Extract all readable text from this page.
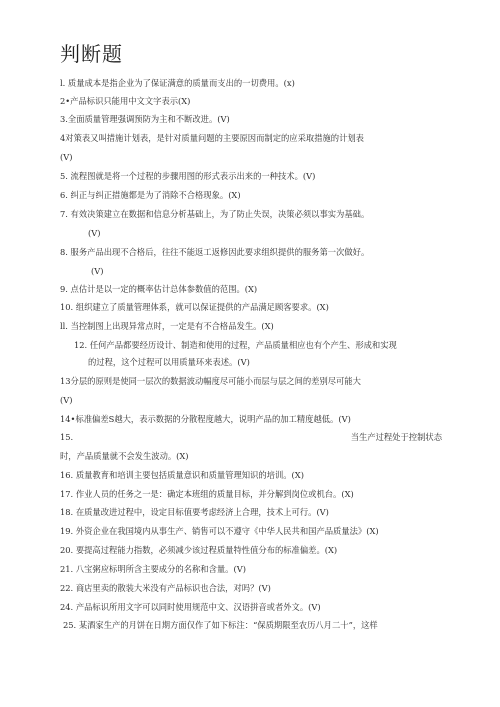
判断题
l. 质量成本是指企业为了保证满意的质量而支出的一切费用。(x)
2•产品标识只能用中文文字表示(X)
3.全面质量管理强调预防为主和不断改进。(V)
4对策表又叫措施计划表，是针对质量问题的主要原因而制定的应采取措施的计划表
(V)
5. 流程图就是将一个过程的步骤用图的形式表示出来的一种技术。(V)
6. 纠正与纠正措施都是为了消除不合格现象。(X)
7. 有效决策建立在数据和信息分析基础上，为了防止失误，决策必须以事实为基础。
(V)
8. 服务产品出现不合格后，往往不能返工返修因此要求组织提供的服务第一次做好。
(V)
9. 点估计是以一定的概率估计总体参数值的范围。(X)
10. 组织建立了质量管理体系，就可以保证提供的产品满足顾客要求。(X)
ll. 当控制图上出现异常点时，一定是有不合格品发生。(X)
12. 任何产品都要经历设计、制造和使用的过程，产品质量相应也有个产生、形成和实现
的过程，这个过程可以用质量环来表述。(V)
13分层的原则是使同一层次的数据波动幅度尽可能小而层与层之间的差别尽可能大
(V)
14•标准偏差S越大，表示数据的分散程度越大，说明产品的加工精度越低。(V)
15.	当生产过程处于控制状态
时，产品质量就不会发生波动。(X)
16. 质量教育和培训主要包括质量意识和质量管理知识的培训。(X)
17. 作业人员的任务之一是：确定本班组的质量目标，并分解到岗位或机台。(X)
18. 在质量改进过程中，设定目标值要考虑经济上合理，技术上可行。(V)
19. 外资企业在我国境内从事生产、销售可以不遵守《中华人民共和国产品质量法》(X)
20. 要提高过程能力指数，必须减少该过程质量特性值分布的标准偏差。(X)
21. 八宝粥应标明所含主要成分的名称和含量。(V)
22. 商店里卖的散装大米没有产品标识也合法，对吗？(V)
24. 产品标识所用文字可以同时使用规范中文、汉语拼音或者外文。(V)
25. 某酒家生产的月饼在日期方面仅作了如下标注：“保质期限至农历八月二十”，这样
